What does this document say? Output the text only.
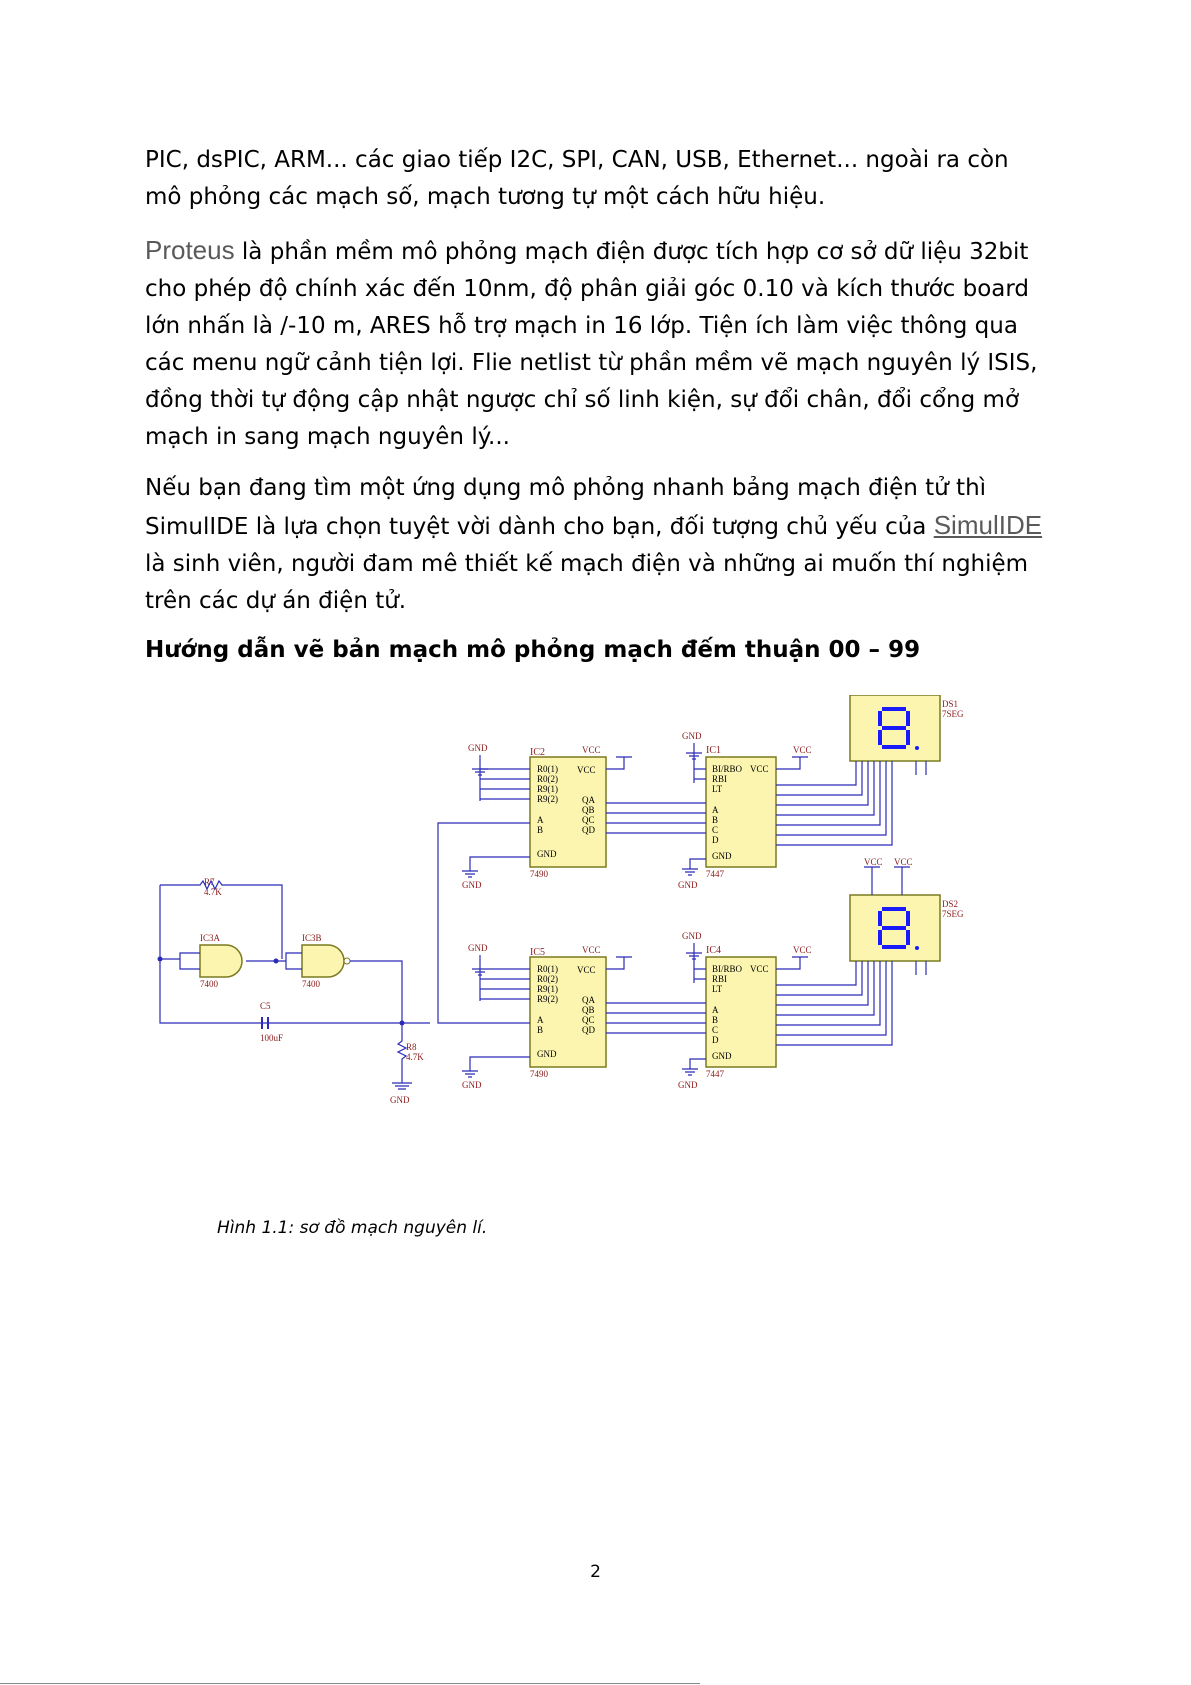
PIC, dsPIC, ARM... các giao tiếp I2C, SPI, CAN, USB, Ethernet... ngoài ra còn mô phỏng các mạch số, mạch tương tự một cách hữu hiệu.
Proteus là phần mềm mô phỏng mạch điện được tích hợp cơ sở dữ liệu 32bit cho phép độ chính xác đến 10nm, độ phân giải góc 0.10 và kích thước board lớn nhấn là /-10 m, ARES hỗ trợ mạch in 16 lớp. Tiện ích làm việc thông qua các menu ngữ cảnh tiện lợi. Flie netlist từ phần mềm vẽ mạch nguyên lý ISIS, đồng thời tự động cập nhật ngược chỉ số linh kiện, sự đổi chân, đổi cổng mở mạch in sang mạch nguyên lý...
Nếu bạn đang tìm một ứng dụng mô phỏng nhanh bảng mạch điện tử thì SimulIDE là lựa chọn tuyệt vời dành cho bạn, đối tượng chủ yếu của SimulIDE là sinh viên, người đam mê thiết kế mạch điện và những ai muốn thí nghiệm trên các dự án điện tử.
Hướng dẫn vẽ bản mạch mô phỏng mạch đếm thuận 00 – 99
IC2
7490
R0(1)
R0(2)
R9(1)
R9(2)
VCC
QA
QB
QC
QD
A
B
GND
GND	VCC
GND
IC1
7447
BI/RBO
RBI
LT
VCC
A
B
C
D
GND
GND
VCC
GND
DS1
7SEG
IC5
7490
R0(1)
R0(2)
R9(1)
R9(2)
VCC
QA
QB
QC
QD
A
B
GND
GND	VCC
GND
IC4
7447
BI/RBO
RBI
LT
VCC
A
B
C
D
GND
GND
VCC
GND
DS2
7SEG
VCC VCC
R7
4.7K
IC3A
7400
IC3B
7400
C5
100uF
R8
4.7K
GND
Hình 1.1: sơ đồ mạch nguyên lí.
2
